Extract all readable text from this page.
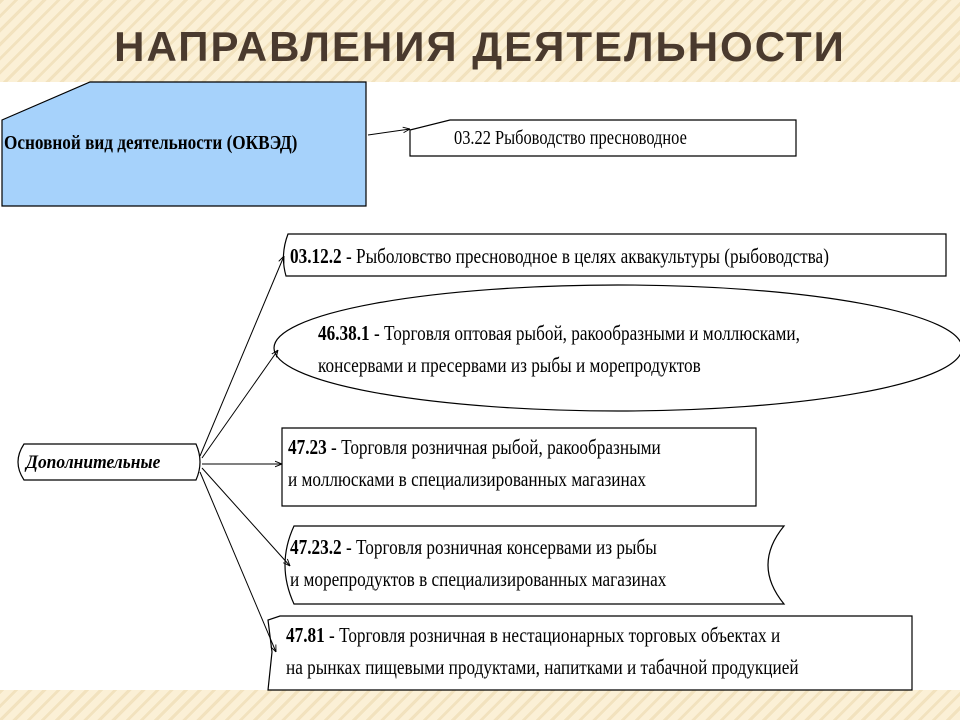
НАПРАВЛЕНИЯ ДЕЯТЕЛЬНОСТИ
Основной вид деятельности (ОКВЭД)	03.22 Рыбоводство пресноводное
Дополнительные
03.12.2 - Рыболовство пресноводное в целях аквакультуры (рыбоводства)
46.38.1 - Торговля оптовая рыбой, ракообразными и моллюсками,
консервами и пресервами из рыбы и морепродуктов
47.23 - Торговля розничная рыбой, ракообразными
и моллюсками в специализированных магазинах
47.23.2 - Торговля розничная консервами из рыбы
и морепродуктов в специализированных магазинах
47.81 - Торговля розничная в нестационарных торговых объектах и
на рынках пищевыми продуктами, напитками и табачной продукцией
